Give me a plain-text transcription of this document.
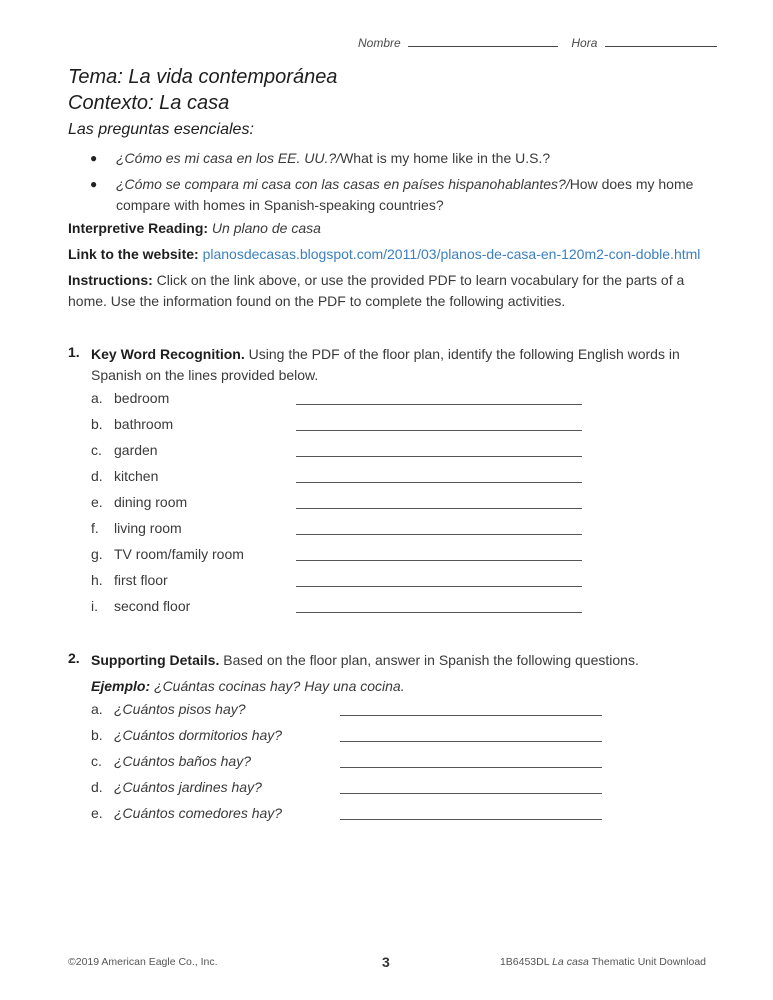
Nombre	Hora
Tema: La vida contemporánea
Contexto: La casa
Las preguntas esenciales:
● ¿Cómo es mi casa en los EE. UU.?/What is my home like in the U.S.?
● ¿Cómo se compara mi casa con las casas en países hispanohablantes?/How does my home compare with homes in Spanish-speaking countries?
Interpretive Reading: Un plano de casa
Link to the website: planosdecasas.blogspot.com/2011/03/planos-de-casa-en-120m2-con-doble.html
Instructions: Click on the link above, or use the provided PDF to learn vocabulary for the parts of a home. Use the information found on the PDF to complete the following activities.
1. Key Word Recognition. Using the PDF of the floor plan, identify the following English words in Spanish on the lines provided below.
a. bedroom
b. bathroom
c. garden
d. kitchen
e. dining room
f. living room
g. TV room/family room
h. first floor
i. second floor
2. Supporting Details. Based on the floor plan, answer in Spanish the following questions.
Ejemplo: ¿Cuántas cocinas hay? Hay una cocina.
a. ¿Cuántos pisos hay?
b. ¿Cuántos dormitorios hay?
c. ¿Cuántos baños hay?
d. ¿Cuántos jardines hay?
e. ¿Cuántos comedores hay?
©2019 American Eagle Co., Inc.	3	1B6453DL La casa Thematic Unit Download
